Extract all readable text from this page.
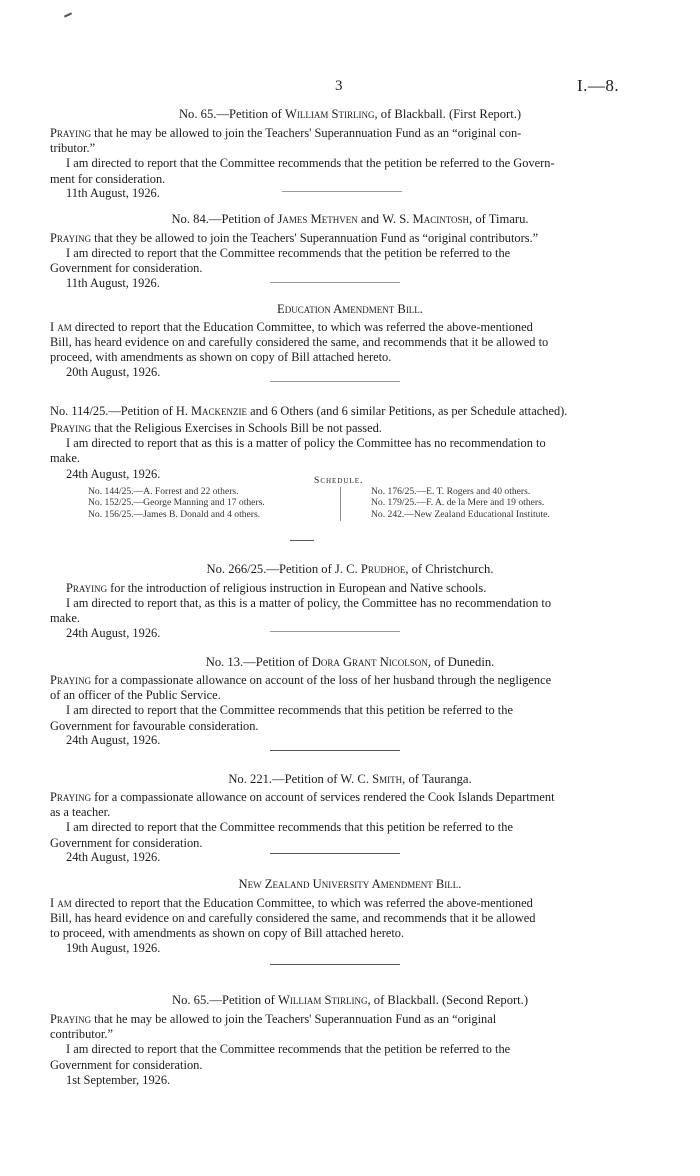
3	I.—8.
No. 65.—Petition of William Stirling, of Blackball. (First Report.)

Praying that he may be allowed to join the Teachers' Superannuation Fund as an “original con-

tributor.”

I am directed to report that the Committee recommends that the petition be referred to the Govern-

ment for consideration.

11th August, 1926.
No. 84.—Petition of James Methven and W. S. Macintosh, of Timaru.

Praying that they be allowed to join the Teachers' Superannuation Fund as “original contributors.”

I am directed to report that the Committee recommends that the petition be referred to the

Government for consideration.

11th August, 1926.
Education Amendment Bill.

I am directed to report that the Education Committee, to which was referred the above-mentioned

Bill, has heard evidence on and carefully considered the same, and recommends that it be allowed to

proceed, with amendments as shown on copy of Bill attached hereto.

20th August, 1926.
No. 114/25.—Petition of H. Mackenzie and 6 Others (and 6 similar Petitions, as per Schedule attached).

Praying that the Religious Exercises in Schools Bill be not passed.

I am directed to report that as this is a matter of policy the Committee has no recommendation to

make.

24th August, 1926.	Schedule.
No. 144/25.—A. Forrest and 22 others.
No. 152/25.—George Manning and 17 others.
No. 156/25.—James B. Donald and 4 others.
No. 176/25.—E. T. Rogers and 40 others.
No. 179/25.—F. A. de la Mere and 19 others.
No. 242.—New Zealand Educational Institute.
No. 266/25.—Petition of J. C. Prudhoe, of Christchurch.

Praying for the introduction of religious instruction in European and Native schools.

I am directed to report that, as this is a matter of policy, the Committee has no recommendation to

make.

24th August, 1926.
No. 13.—Petition of Dora Grant Nicolson, of Dunedin.

Praying for a compassionate allowance on account of the loss of her husband through the negligence

of an officer of the Public Service.

I am directed to report that the Committee recommends that this petition be referred to the

Government for favourable consideration.

24th August, 1926.
No. 221.—Petition of W. C. Smith, of Tauranga.

Praying for a compassionate allowance on account of services rendered the Cook Islands Department

as a teacher.

I am directed to report that the Committee recommends that this petition be referred to the

Government for consideration.

24th August, 1926.
New Zealand University Amendment Bill.

I am directed to report that the Education Committee, to which was referred the above-mentioned

Bill, has heard evidence on and carefully considered the same, and recommends that it be allowed

to proceed, with amendments as shown on copy of Bill attached hereto.

19th August, 1926.
No. 65.—Petition of William Stirling, of Blackball. (Second Report.)

Praying that he may be allowed to join the Teachers' Superannuation Fund as an “original

contributor.”

I am directed to report that the Committee recommends that the petition be referred to the

Government for consideration.

1st September, 1926.
